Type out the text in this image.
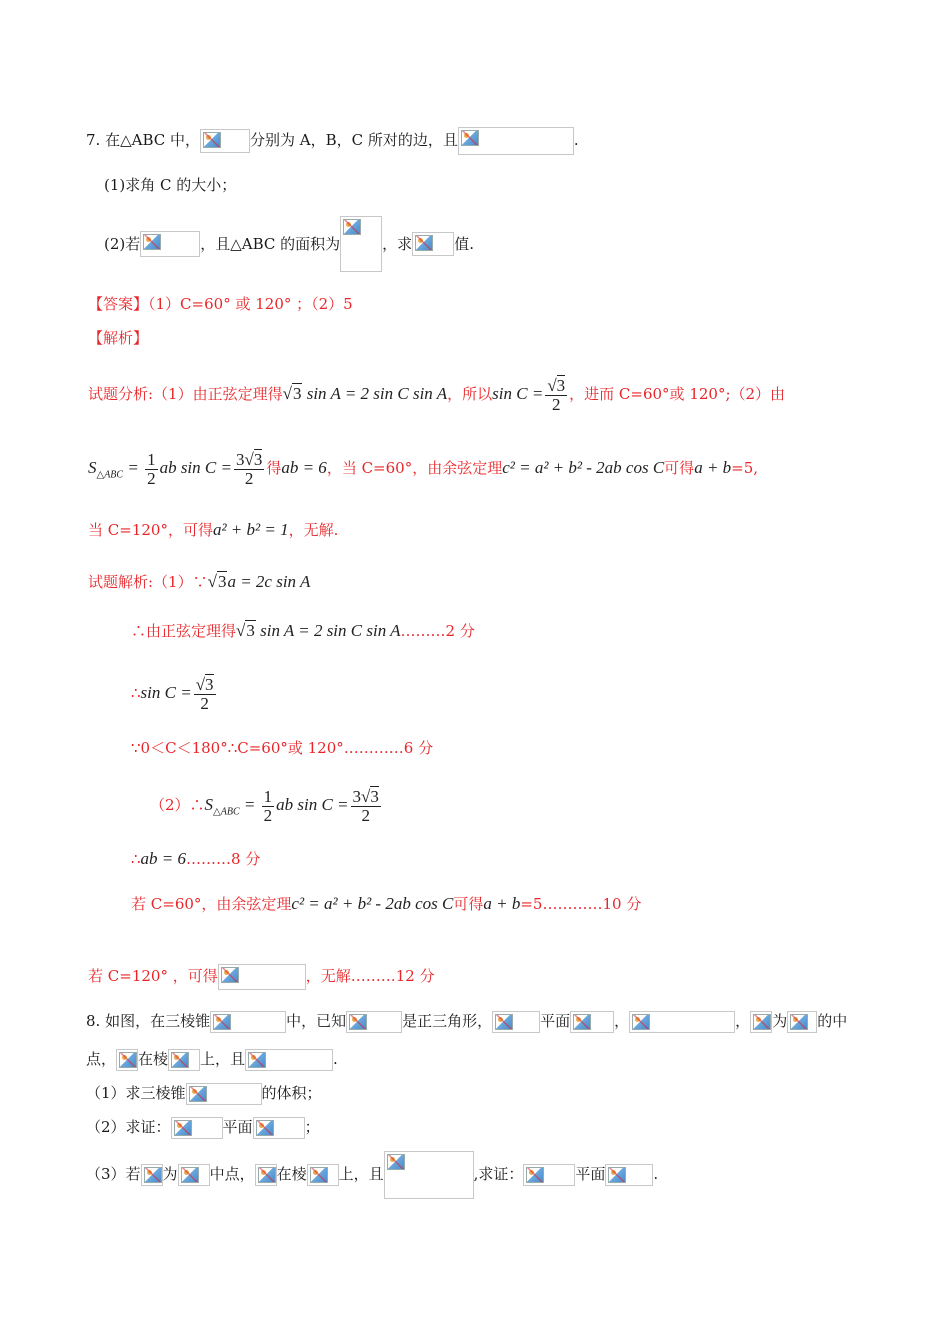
7. 在△ABC 中，	分别为 A，B，C 所对的边，且	.
(1)求角 C 的大小；
(2)若	，且△ABC 的面积为	，求	值.
【答案】（1）C=60° 或 120° ；（2）5
【解析】
试题分析:（1）由正弦定理得√3 sin A = 2 sin C sin A，所以$\sin C = \frac{√3}{2}$ ，进而 C=60°或 120°;（2）由
$S_{\triangle ABC} = \frac{1}{2}$ ab $\sin C = \frac{3√3}{2}$ 得ab = 6，当 C=60°，由余弦定理c² = a² + b² - 2ab cos C可得a + b=5,
当 C=120°，可得a² + b² = 1，无解.
试题解析:（1）∵√3a = 2c sin A
∴由正弦定理得√3 sin A = 2 sin C sin A………2 分
∴sin $C = \frac{√3}{2}$
∵0＜C＜180°∴C=60°或 120°…………6 分
$(2)\therefore S_{\triangle ABC} = \frac{1}{2}$ ab $\sin C = \frac{3√3}{2}$
∴ab = 6………8 分
若 C=60°，由余弦定理c² = a² + b² - 2ab cos C可得a + b=5…………10 分
若 C=120° ，可得	，无解………12 分
8. 如图，在三棱锥	中，已知	是正三角形，	平面	，	， 为 的中
点， 在棱 上，且	.
（1）求三棱锥	的体积；
（2）求证：	平面	；
（3）若 为 中点， 在棱 上，且	,求证：	平面	.
